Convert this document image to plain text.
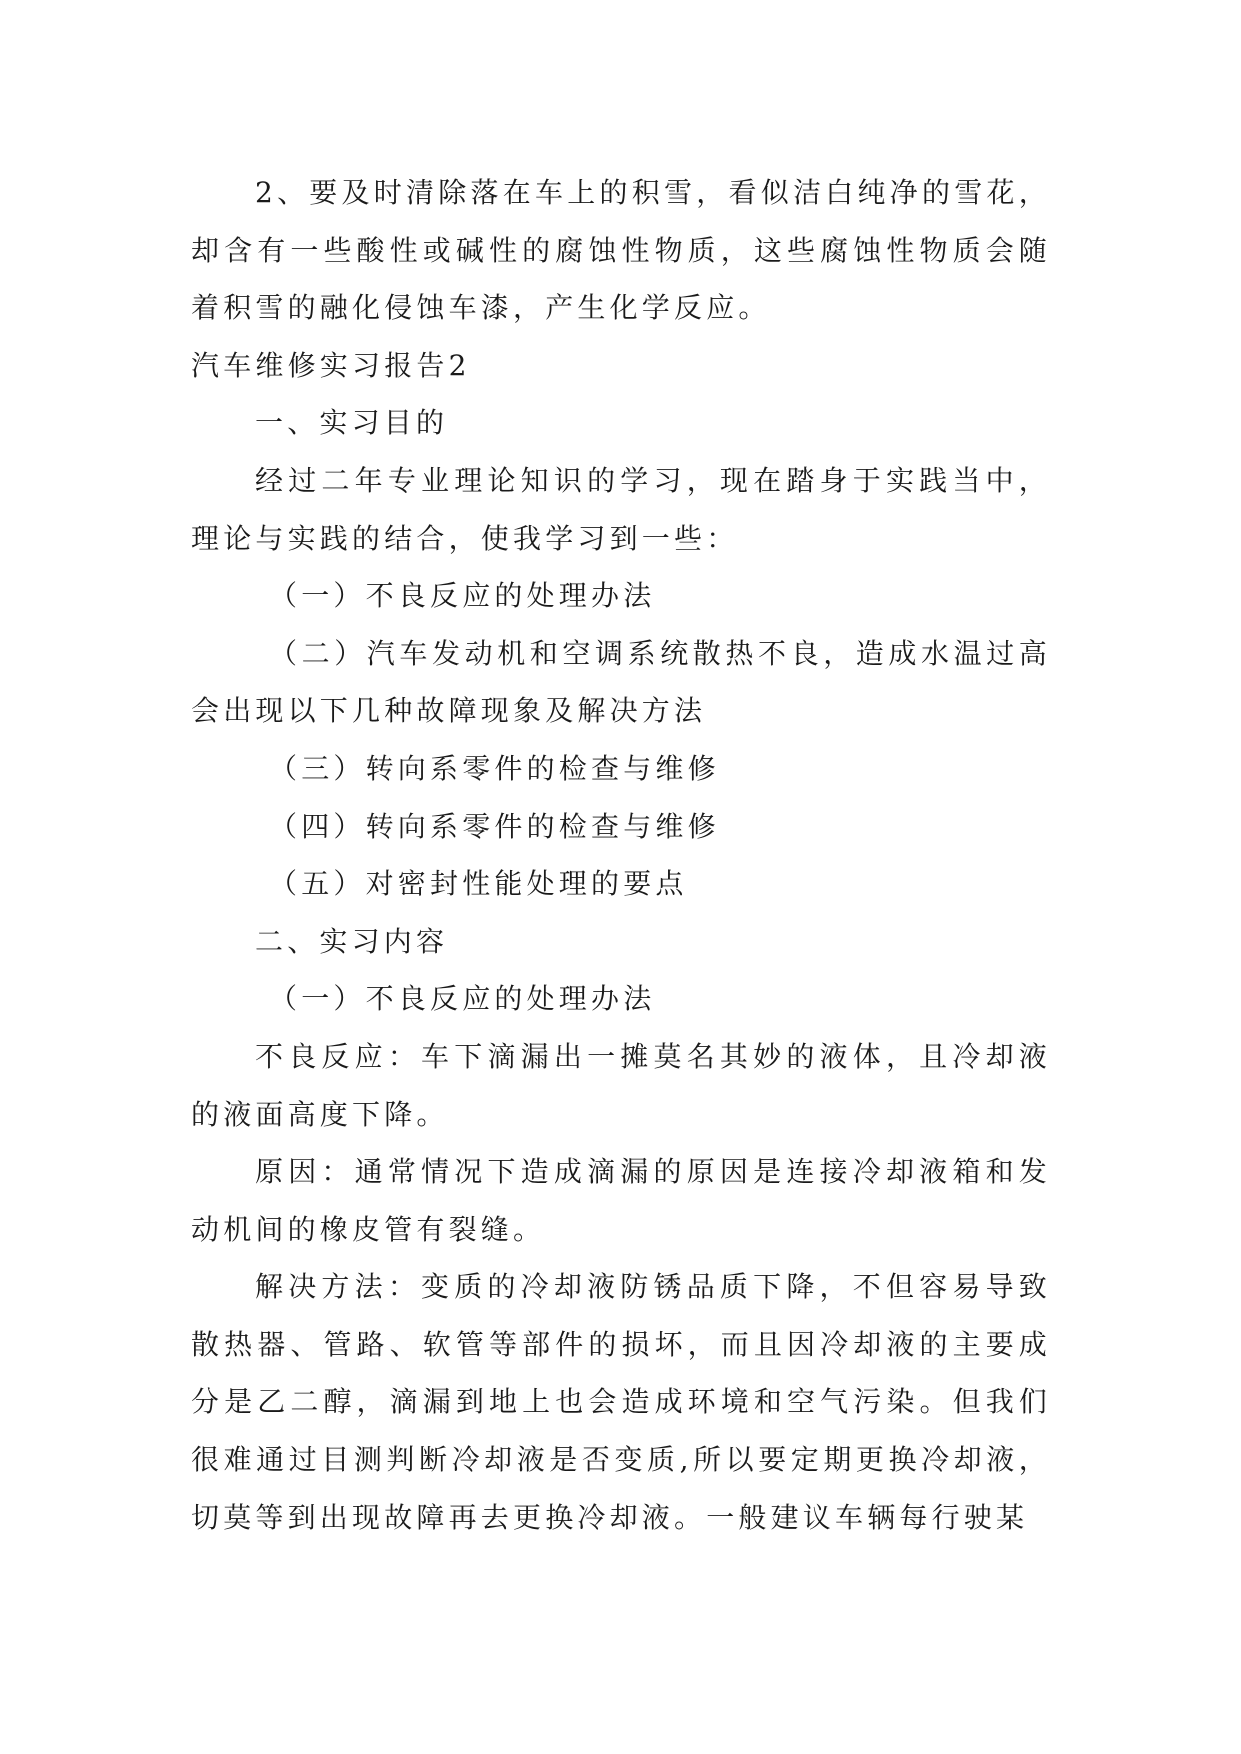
2、要及时清除落在车上的积雪，看似洁白纯净的雪花，却含有一些酸性或碱性的腐蚀性物质，这些腐蚀性物质会随着积雪的融化侵蚀车漆，产生化学反应。

汽车维修实习报告2

一、实习目的

经过二年专业理论知识的学习，现在踏身于实践当中，理论与实践的结合，使我学习到一些：

（一）不良反应的处理办法

（二）汽车发动机和空调系统散热不良，造成水温过高会出现以下几种故障现象及解决方法

（三）转向系零件的检查与维修

（四）转向系零件的检查与维修

（五）对密封性能处理的要点

二、实习内容

（一）不良反应的处理办法

不良反应：车下滴漏出一摊莫名其妙的液体，且冷却液的液面高度下降。

原因：通常情况下造成滴漏的原因是连接冷却液箱和发动机间的橡皮管有裂缝。

解决方法：变质的冷却液防锈品质下降，不但容易导致散热器、管路、软管等部件的损坏，而且因冷却液的主要成分是乙二醇，滴漏到地上也会造成环境和空气污染。但我们很难通过目测判断冷却液是否变质,所以要定期更换冷却液，切莫等到出现故障再去更换冷却液。一般建议车辆每行驶某
